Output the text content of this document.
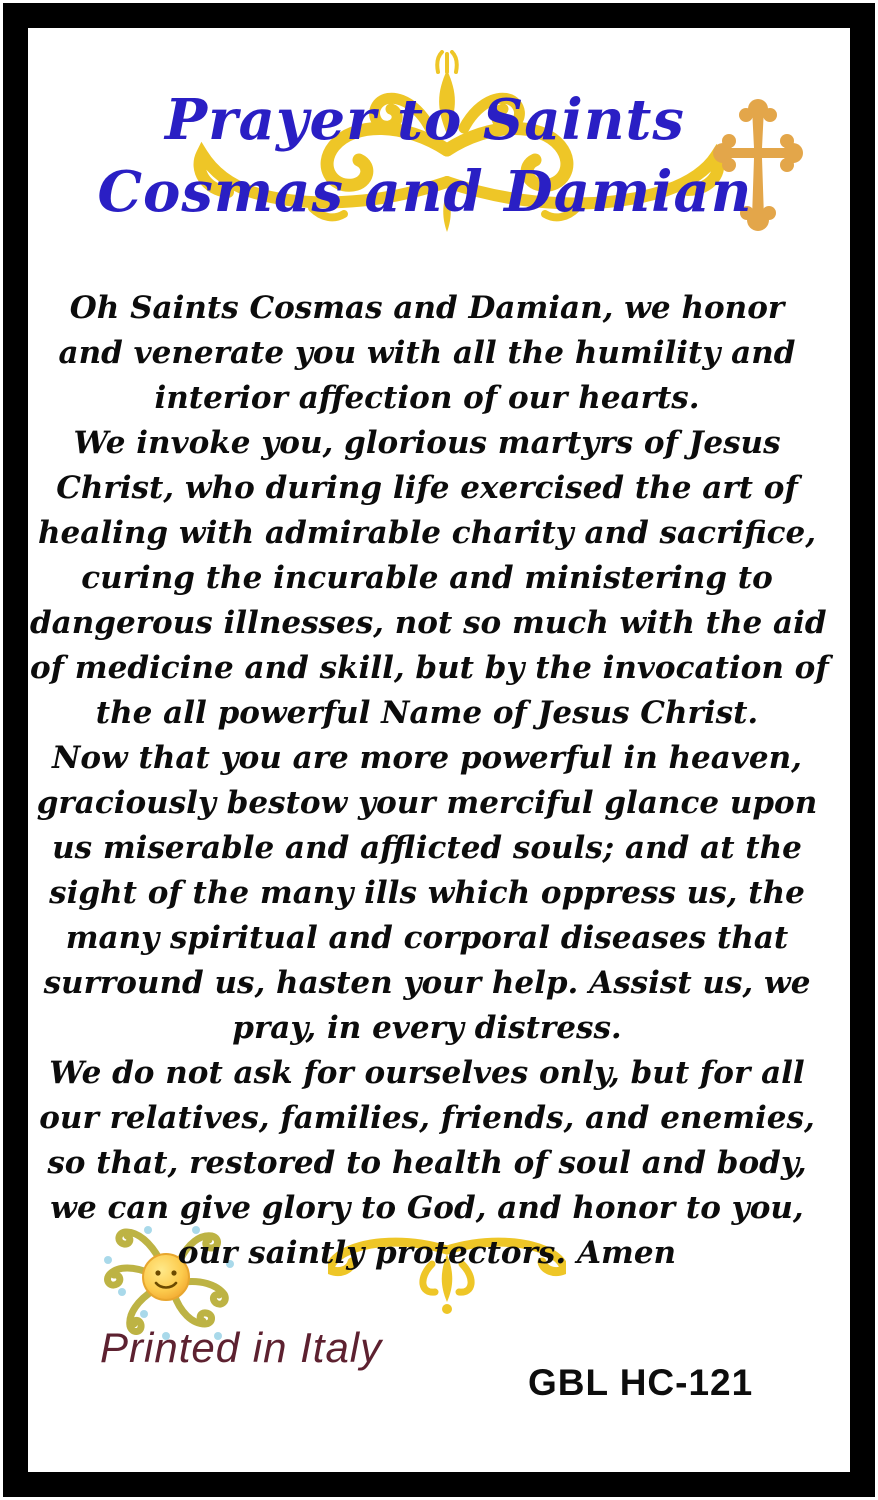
Prayer to Saints
Cosmas and Damian
Oh Saints Cosmas and Damian, we honor
and venerate you with all the humility and
interior affection of our hearts.
We invoke you, glorious martyrs of Jesus
Christ, who during life exercised the art of
healing with admirable charity and sacrifice,
curing the incurable and ministering to
dangerous illnesses, not so much with the aid
of medicine and skill, but by the invocation of
the all powerful Name of Jesus Christ.
Now that you are more powerful in heaven,
graciously bestow your merciful glance upon
us miserable and afflicted souls; and at the
sight of the many ills which oppress us, the
many spiritual and corporal diseases that
surround us, hasten your help. Assist us, we
pray, in every distress.
We do not ask for ourselves only, but for all
our relatives, families, friends, and enemies,
so that, restored to health of soul and body,
we can give glory to God, and honor to you,
our saintly protectors. Amen
Printed in Italy
GBL HC-121
